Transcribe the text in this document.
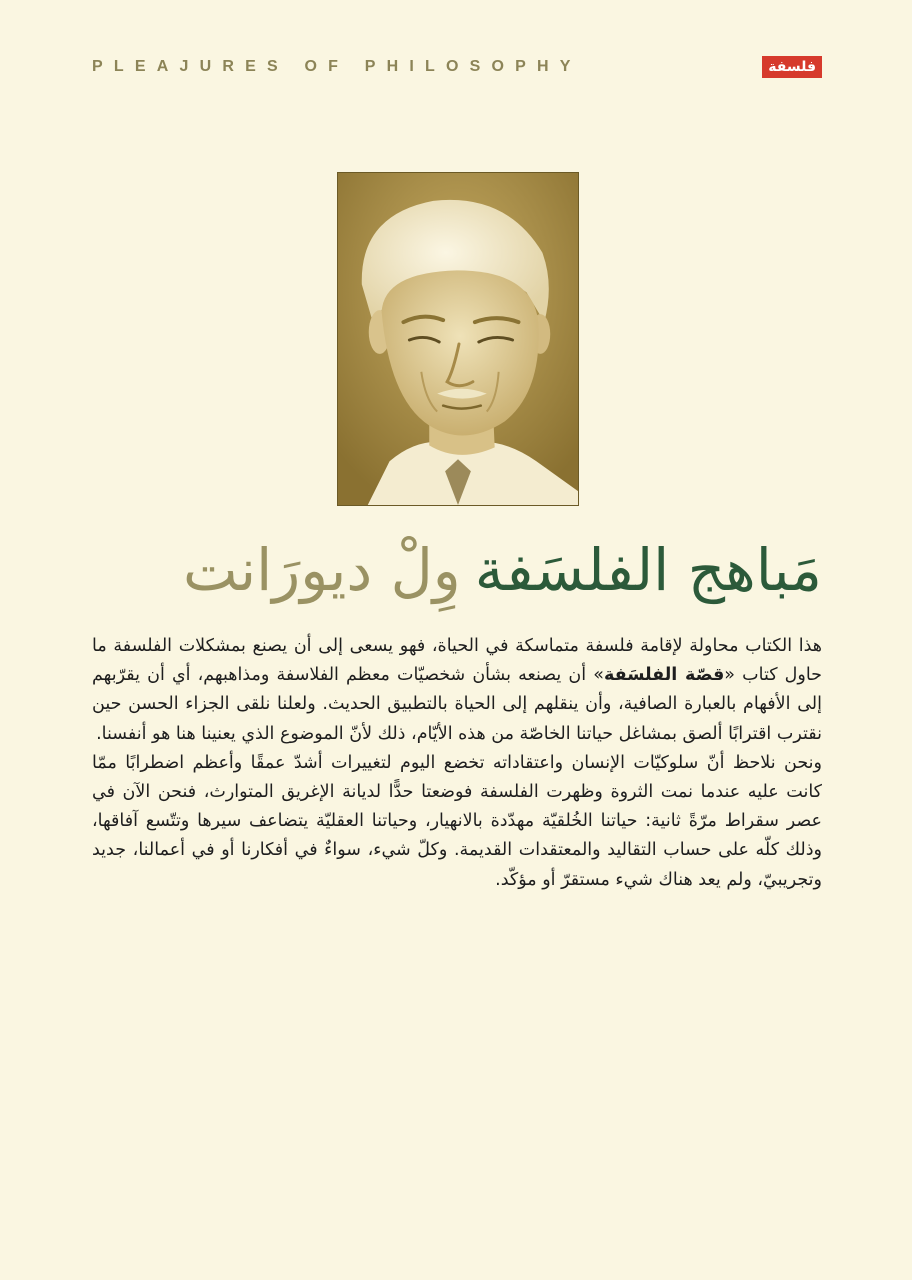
PLEAJURES OF PHILOSOPHY	فلسفة
مَباهج الفلسَفةوِلْ ديورَانت

هذا الكتاب محاولة لإقامة فلسفة متماسكة في الحياة، فهو يسعى إلى أن يصنع بمشكلات الفلسفة ما حاول كتاب «قصّة الفلسَفة» أن يصنعه بشأن شخصيّات معظم الفلاسفة ومذاهبهم، أي أن يقرّبهم إلى الأفهام بالعبارة الصافية، وأن ينقلهم إلى الحياة بالتطبيق الحديث. ولعلنا نلقى الجزاء الحسن حين نقترب اقترابًا ألصق بمشاغل حياتنا الخاصّة من هذه الأيّام، ذلك لأنّ الموضوع الذي يعنينا هنا هو أنفسنا.

ونحن نلاحظ أنّ سلوكيّات الإنسان واعتقاداته تخضع اليوم لتغييرات أشدّ عمقًا وأعظم اضطرابًا ممّا كانت عليه عندما نمت الثروة وظهرت الفلسفة فوضعتا حدًّا لديانة الإغريق المتوارث، فنحن الآن في عصر سقراط مرّةً ثانية: حياتنا الخُلقيّة مهدّدة بالانهيار، وحياتنا العقليّة يتضاعف سيرها وتتّسع آفاقها، وذلك كلّه على حساب التقاليد والمعتقدات القديمة. وكلّ شيء، سواءٌ في أفكارنا أو في أعمالنا، جديد وتجريبيّ، ولم يعد هناك شيء مستقرّ أو مؤكّد.
